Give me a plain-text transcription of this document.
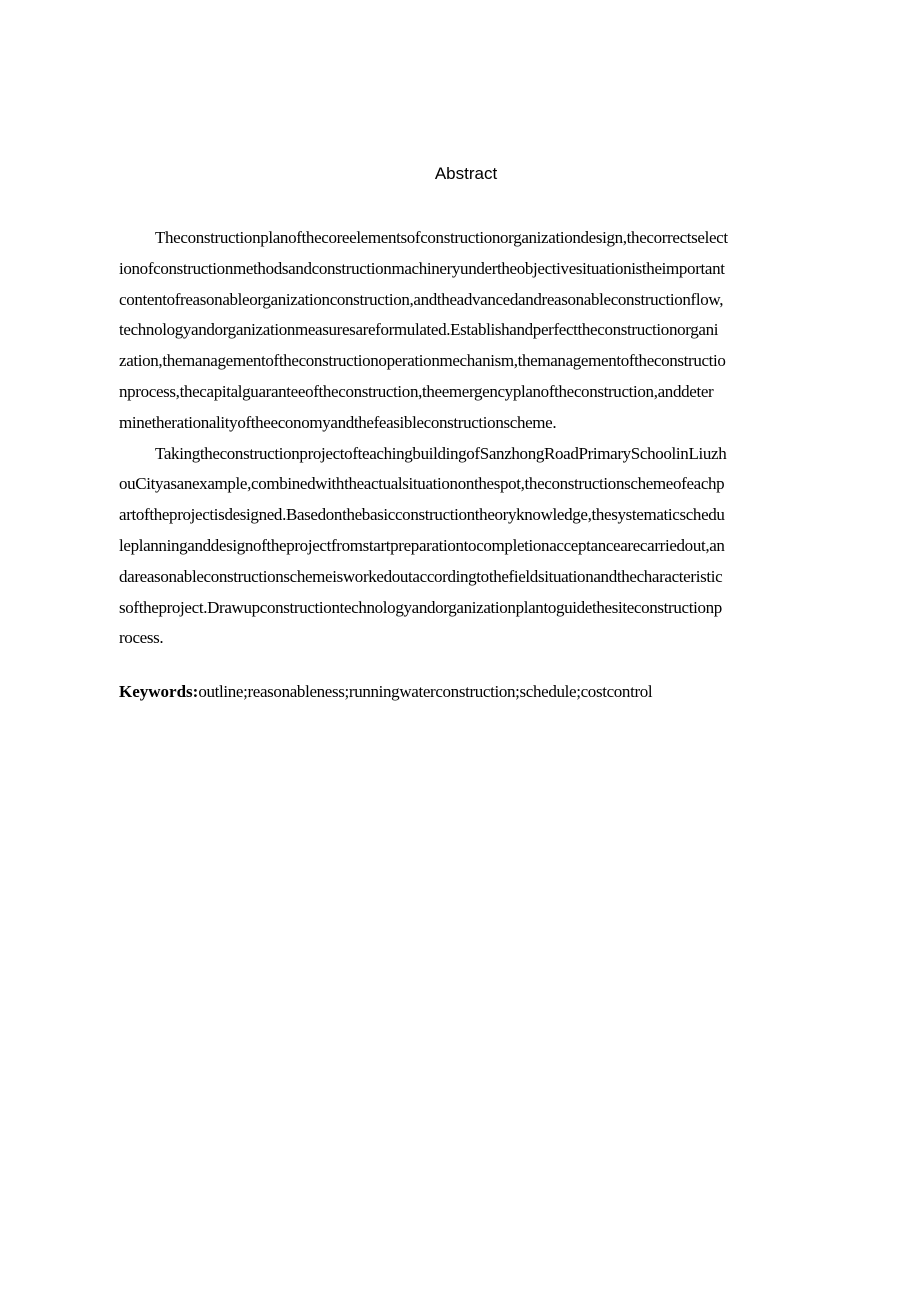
Abstract
Theconstructionplanofthecoreelementsofconstructionorganizationdesign,thecorrectselect
ionofconstructionmethodsandconstructionmachineryundertheobjectivesituationistheimportant
contentofreasonableorganizationconstruction,andtheadvancedandreasonableconstructionflow,
technologyandorganizationmeasuresareformulated.Establishandperfecttheconstructionorgani
zation,themanagementoftheconstructionoperationmechanism,themanagementoftheconstructio
nprocess,thecapitalguaranteeoftheconstruction,theemergencyplanoftheconstruction,anddeter
minetherationalityoftheeconomyandthefeasibleconstructionscheme.
TakingtheconstructionprojectofteachingbuildingofSanzhongRoadPrimarySchoolinLiuzh
ouCityasanexample,combinedwiththeactualsituationonthespot,theconstructionschemeofeachp
artoftheprojectisdesigned.Basedonthebasicconstructiontheoryknowledge,thesystematicschedu
leplanninganddesignoftheprojectfromstartpreparationtocompletionacceptancearecarriedout,an
dareasonableconstructionschemeisworkedoutaccordingtothefieldsituationandthecharacteristic
softheproject.Drawupconstructiontechnologyandorganizationplantoguidethesiteconstructionp
rocess.
Keywords:outline;reasonableness;runningwaterconstruction;schedule;costcontrol
